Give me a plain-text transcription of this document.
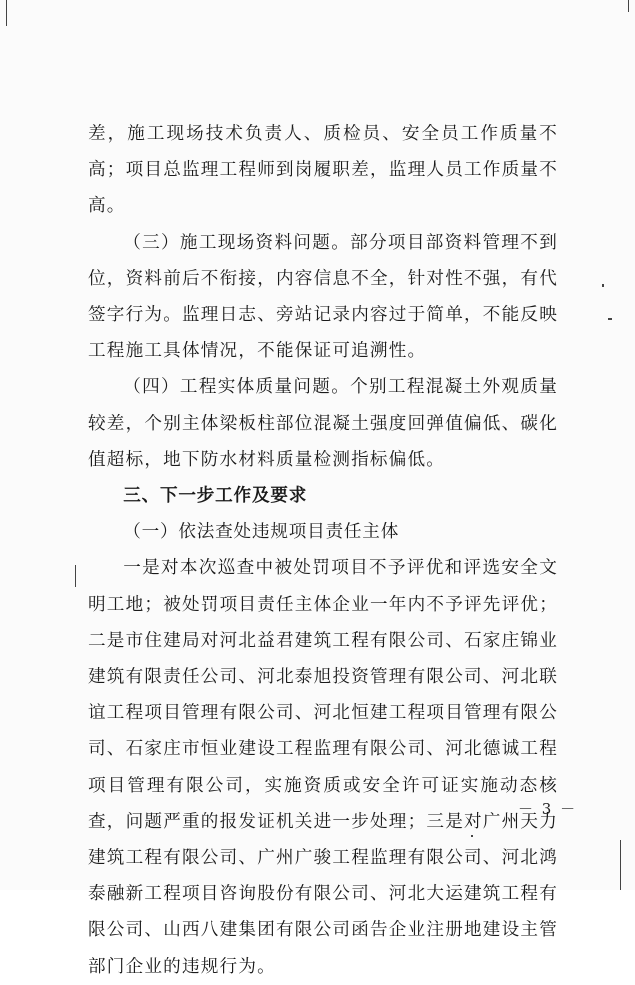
差，施工现场技术负责人、质检员、安全员工作质量不高；项目总监理工程师到岗履职差，监理人员工作质量不高。

（三）施工现场资料问题。部分项目部资料管理不到位，资料前后不衔接，内容信息不全，针对性不强，有代签字行为。监理日志、旁站记录内容过于简单，不能反映工程施工具体情况，不能保证可追溯性。

（四）工程实体质量问题。个别工程混凝土外观质量较差，个别主体梁板柱部位混凝土强度回弹值偏低、碳化值超标，地下防水材料质量检测指标偏低。

三、下一步工作及要求

（一）依法查处违规项目责任主体

一是对本次巡查中被处罚项目不予评优和评选安全文明工地；被处罚项目责任主体企业一年内不予评先评优；二是市住建局对河北益君建筑工程有限公司、石家庄锦业建筑有限责任公司、河北泰旭投资管理有限公司、河北联谊工程项目管理有限公司、河北恒建工程项目管理有限公司、石家庄市恒业建设工程监理有限公司、河北德诚工程项目管理有限公司，实施资质或安全许可证实施动态核查，问题严重的报发证机关进一步处理；三是对广州天力建筑工程有限公司、广州广骏工程监理有限公司、河北鸿泰融新工程项目咨询股份有限公司、河北大运建筑工程有限公司、山西八建集团有限公司函告企业注册地建设主管部门企业的违规行为。

－ 3 －
